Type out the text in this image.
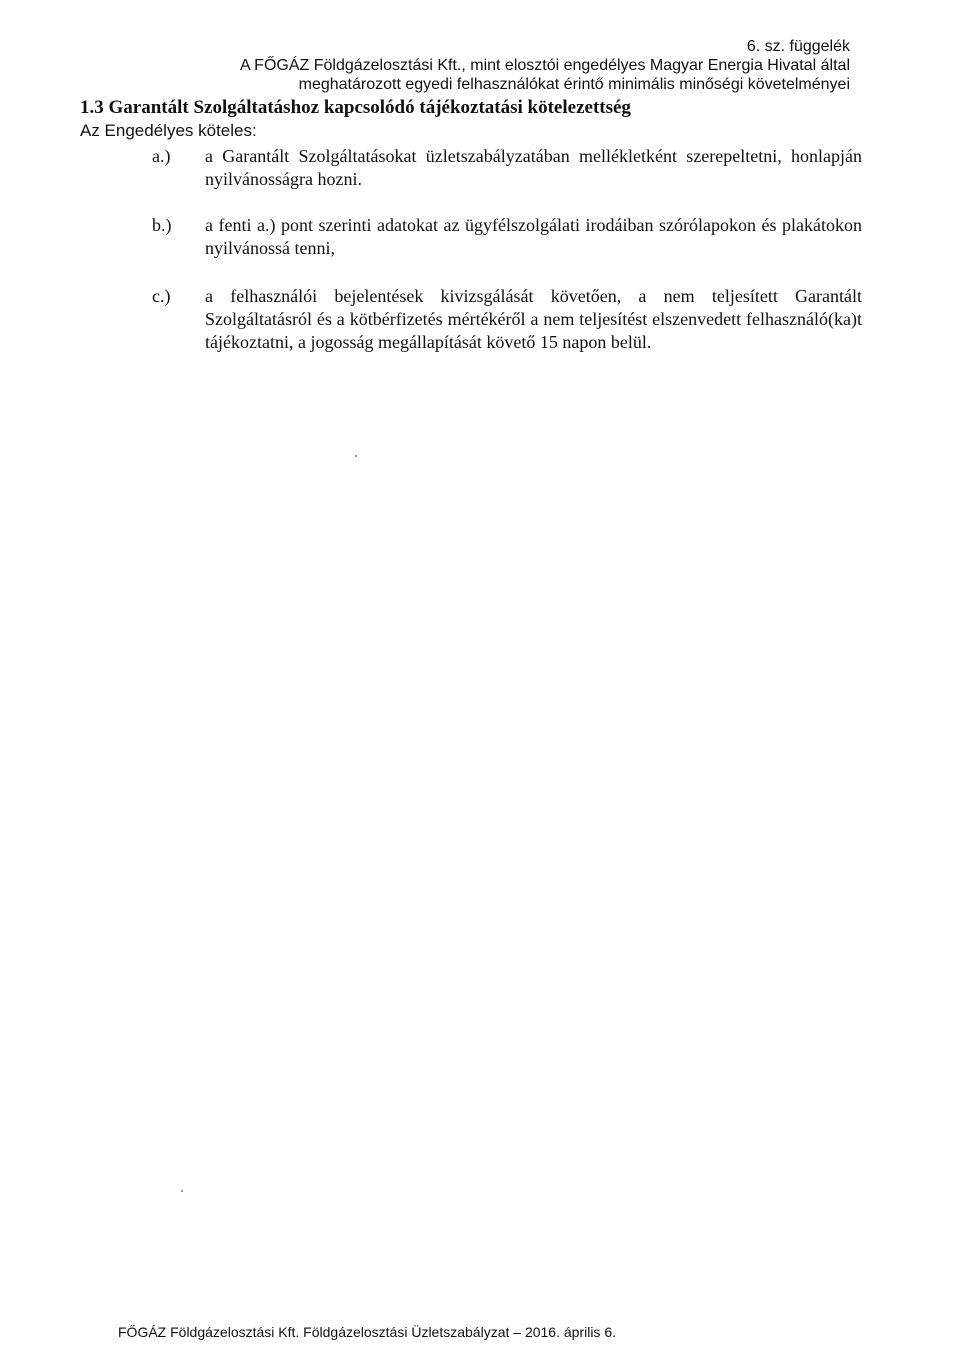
6. sz. függelék
A FŐGÁZ Földgázelosztási Kft., mint elosztói engedélyes Magyar Energia Hivatal által
meghatározott egyedi felhasználókat érintő minimális minőségi követelményei
1.3 Garantált Szolgáltatáshoz kapcsolódó tájékoztatási kötelezettség
Az Engedélyes köteles:
a.) a Garantált Szolgáltatásokat üzletszabályzatában mellékletként szerepeltetni, honlapján nyilvánosságra hozni.
b.) a fenti a.) pont szerinti adatokat az ügyfélszolgálati irodáiban szórólapokon és plakátokon nyilvánossá tenni,
c.) a felhasználói bejelentések kivizsgálását követően, a nem teljesített Garantált Szolgáltatásról és a kötbérfizetés mértékéről a nem teljesítést elszenvedett felhasználó(ka)t tájékoztatni, a jogosság megállapítását követő 15 napon belül.
FŐGÁZ Földgázelosztási Kft. Földgázelosztási Üzletszabályzat – 2016. április 6.
